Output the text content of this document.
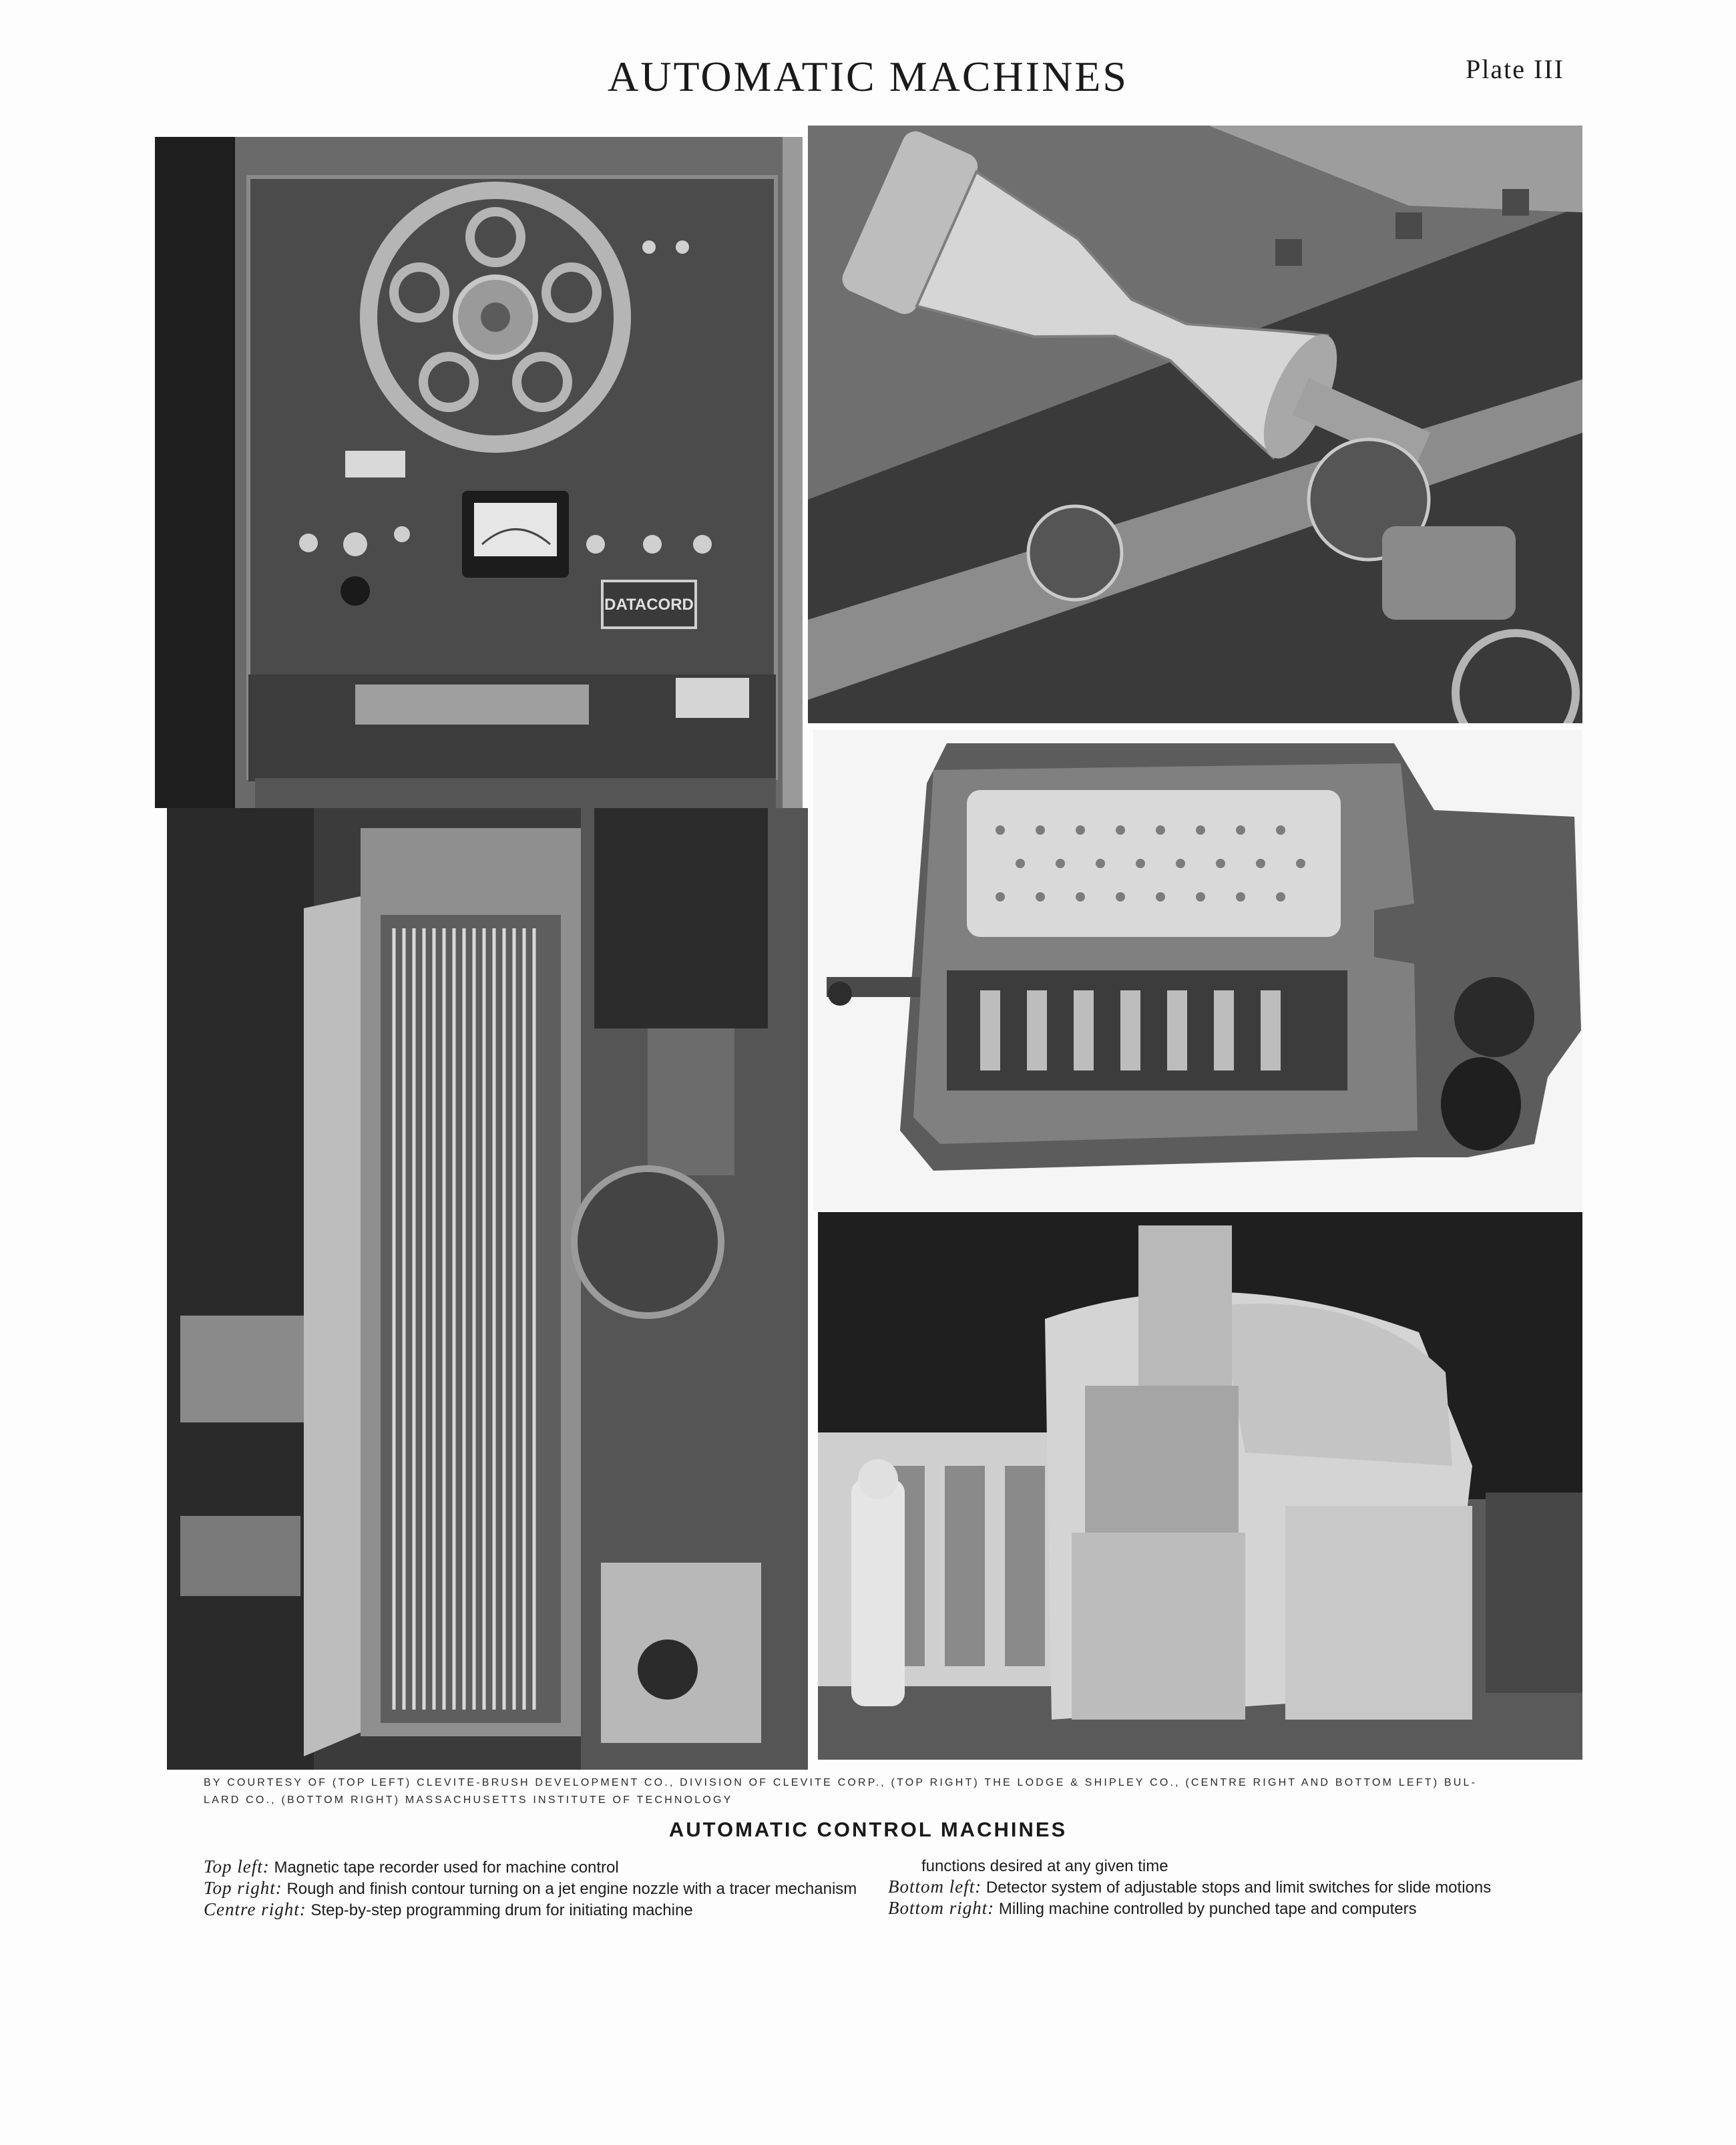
AUTOMATIC MACHINES	Plate III
DATACORD
BY COURTESY OF (TOP LEFT) CLEVITE-BRUSH DEVELOPMENT CO., DIVISION OF CLEVITE CORP., (TOP RIGHT) THE LODGE & SHIPLEY CO., (CENTRE RIGHT AND BOTTOM LEFT) BUL-
LARD CO., (BOTTOM RIGHT) MASSACHUSETTS INSTITUTE OF TECHNOLOGY
AUTOMATIC CONTROL MACHINES

Top left: Magnetic tape recorder used for machine control

Top right: Rough and finish contour turning on a jet engine nozzle with a tracer mechanism

Centre right: Step-by-step programming drum for initiating machine

functions desired at any given time

Bottom left: Detector system of adjustable stops and limit switches for slide motions

Bottom right: Milling machine controlled by punched tape and computers
